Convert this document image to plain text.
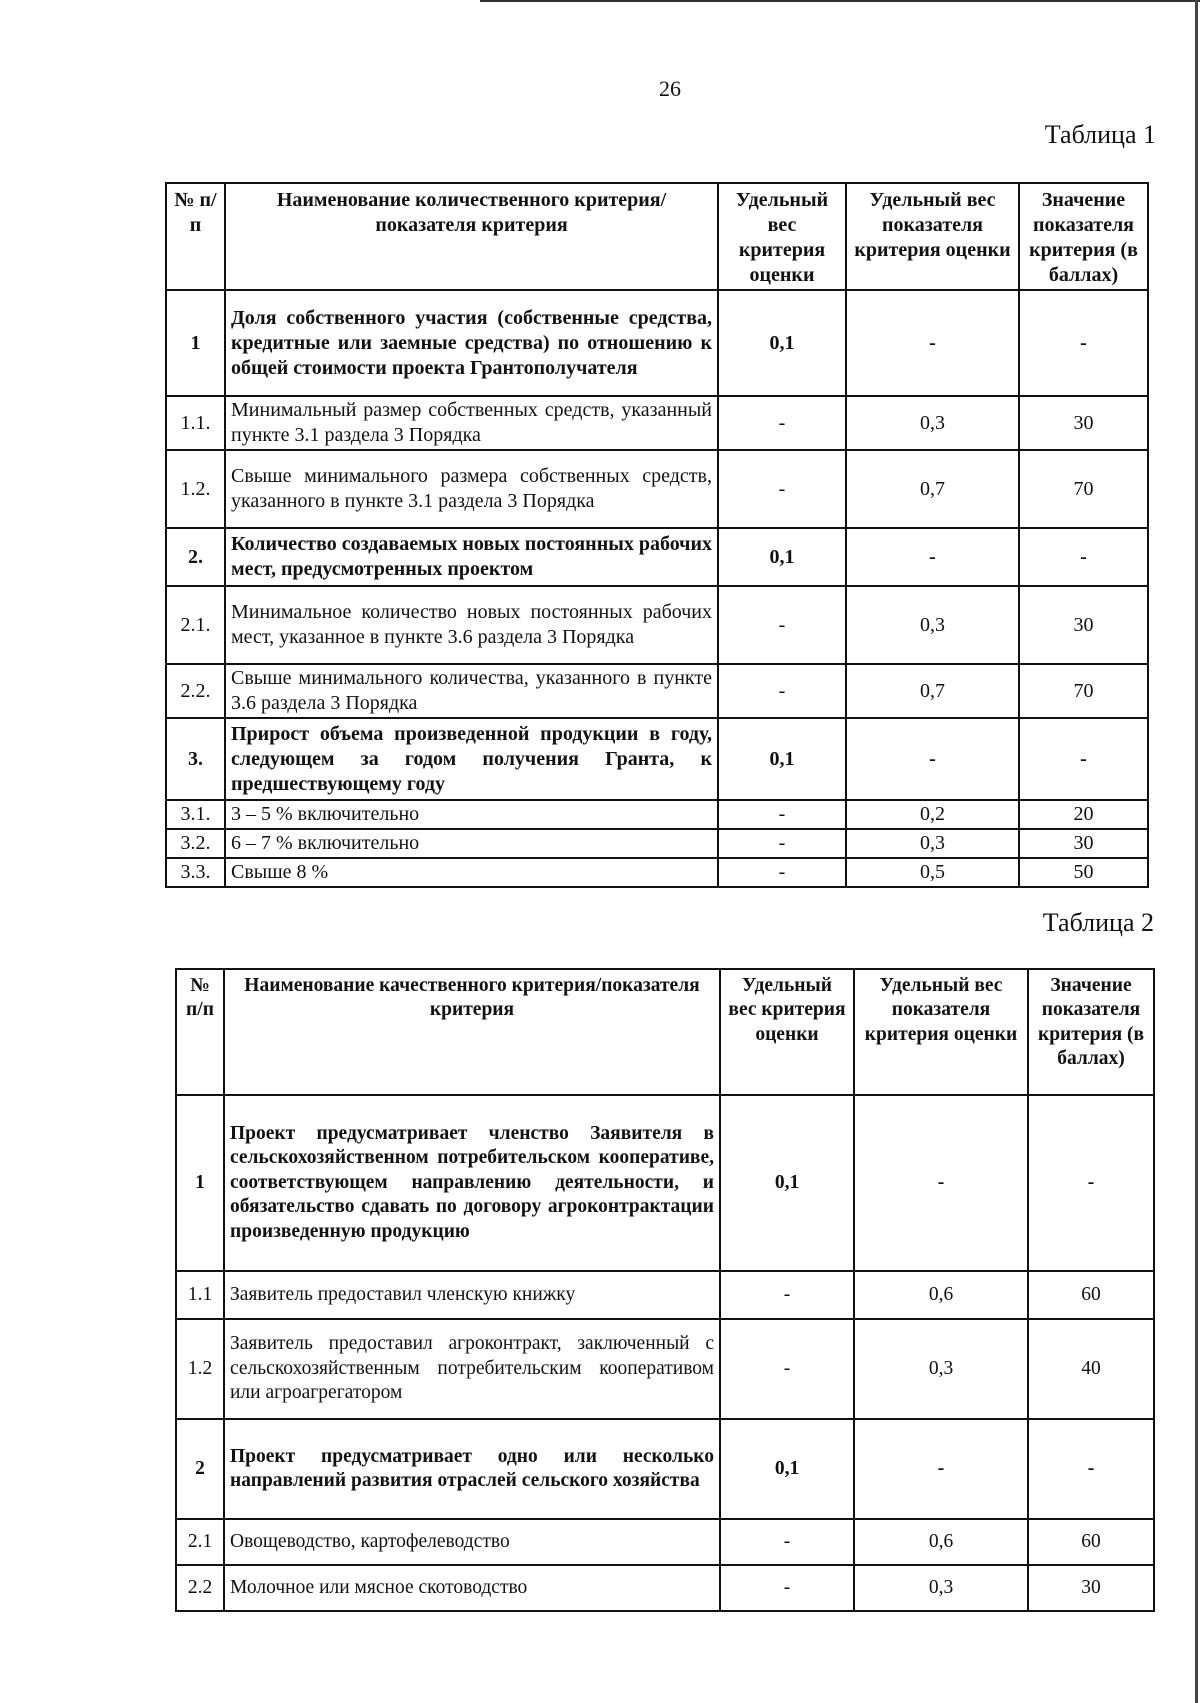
26
Таблица 1
№ п/п	Наименование количественного критерия/показателя критерия	Удельный вес критерия оценки	Удельный вес показателя критерия оценки	Значение показателя критерия (в баллах)
1	Доля собственного участия (собственные средства, кредитные или заемные средства) по отношению к общей стоимости проекта Грантополучателя	0,1	-	-
1.1.	Минимальный размер собственных средств, указанный пункте 3.1 раздела 3 Порядка	-	0,3	30
1.2.	Свыше минимального размера собственных средств, указанного в пункте 3.1 раздела 3 Порядка	-	0,7	70
2.	Количество создаваемых новых постоянных рабочих мест, предусмотренных проектом	0,1	-	-
2.1.	Минимальное количество новых постоянных рабочих мест, указанное в пункте 3.6 раздела 3 Порядка	-	0,3	30
2.2.	Свыше минимального количества, указанного в пункте 3.6 раздела 3 Порядка	-	0,7	70
3.	Прирост объема произведенной продукции в году, следующем за годом получения Гранта, к предшествующему году	0,1	-	-
3.1.	3 – 5 % включительно	-	0,2	20
3.2.	6 – 7 % включительно	-	0,3	30
3.3.	Свыше 8 %	-	0,5	50
Таблица 2
№ п/п	Наименование качественного критерия/показателя критерия	Удельный вес критерия оценки	Удельный вес показателя критерия оценки	Значение показателя критерия (в баллах)
1	Проект предусматривает членство Заявителя в сельскохозяйственном потребительском кооперативе, соответствующем направлению деятельности, и обязательство сдавать по договору агроконтрактации произведенную продукцию	0,1	-	-
1.1	Заявитель предоставил членскую книжку	-	0,6	60
1.2	Заявитель предоставил агроконтракт, заключенный с сельскохозяйственным потребительским кооперативом или агроагрегатором	-	0,3	40
2	Проект предусматривает одно или несколько направлений развития отраслей сельского хозяйства	0,1	-	-
2.1	Овощеводство, картофелеводство	-	0,6	60
2.2	Молочное или мясное скотоводство	-	0,3	30
